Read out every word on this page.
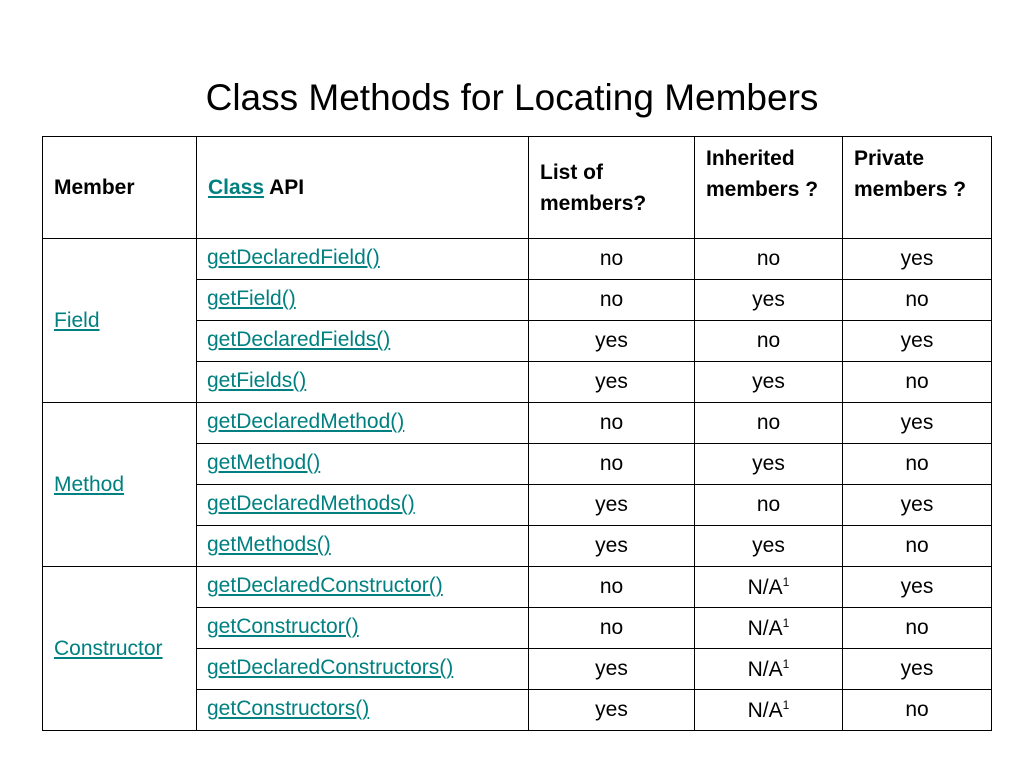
Class Methods for Locating Members
Member	Class API	List of members?	Inherited members ?	Private members ?
Field	getDeclaredField()	no	no	yes
	getField()	no	yes	no
	getDeclaredFields()	yes	no	yes
	getFields()	yes	yes	no
Method	getDeclaredMethod()	no	no	yes
	getMethod()	no	yes	no
	getDeclaredMethods()	yes	no	yes
	getMethods()	yes	yes	no
Constructor	getDeclaredConstructor()	no	$N/A^1$	yes
	getConstructor()	no	$N/A^1$	no
	getDeclaredConstructors()	yes	$N/A^1$	yes
	getConstructors()	yes	$N/A^1$	no
